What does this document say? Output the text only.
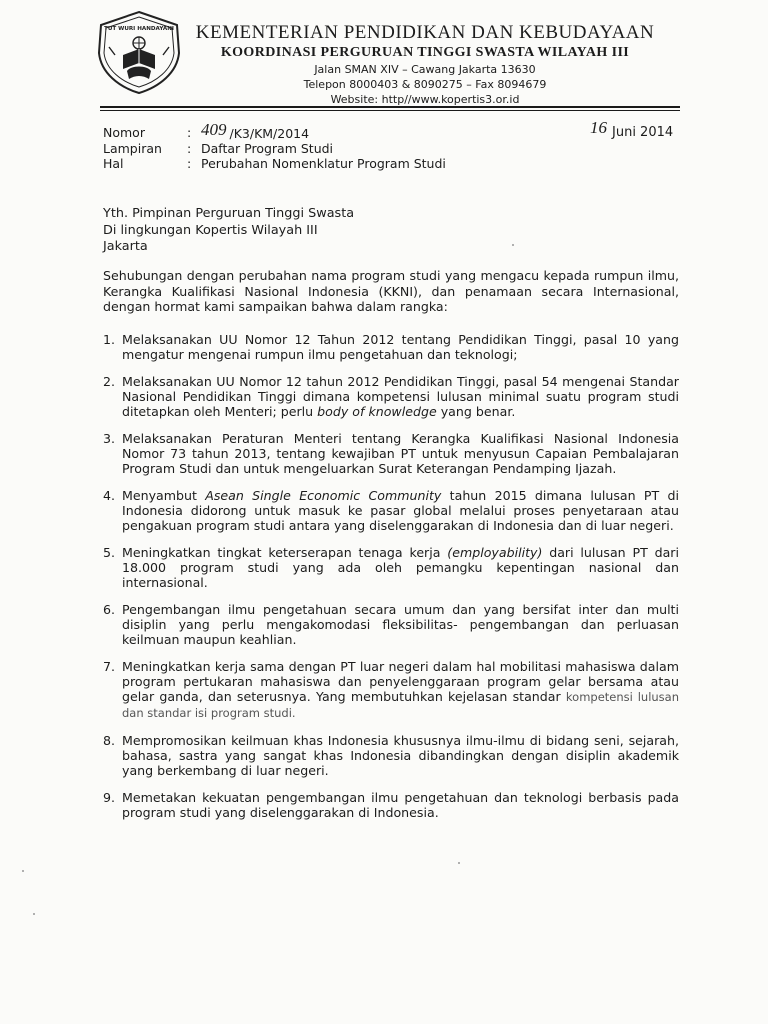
TUT WURI HANDAYANI	KEMENTERIAN PENDIDIKAN DAN KEBUDAYAAN
KOORDINASI PERGURUAN TINGGI SWASTA WILAYAH III
Jalan SMAN XIV – Cawang Jakarta 13630
Telepon 8000403 & 8090275 – Fax 8094679
Website: http//www.kopertis3.or.id
Nomor	: 409 /K3/KM/2014
Lampiran	: Daftar Program Studi
Hal	: Perubahan Nomenklatur Program Studi
16 Juni 2014
Yth. Pimpinan Perguruan Tinggi Swasta
Di lingkungan Kopertis Wilayah III
Jakarta
Sehubungan dengan perubahan nama program studi yang mengacu kepada rumpun ilmu, Kerangka Kualifikasi Nasional Indonesia (KKNI), dan penamaan secara Internasional, dengan hormat kami sampaikan bahwa dalam rangka:
1. Melaksanakan UU Nomor 12 Tahun 2012 tentang Pendidikan Tinggi, pasal 10 yang mengatur mengenai rumpun ilmu pengetahuan dan teknologi;
2. Melaksanakan UU Nomor 12 tahun 2012 Pendidikan Tinggi, pasal 54 mengenai Standar Nasional Pendidikan Tinggi dimana kompetensi lulusan minimal suatu program studi ditetapkan oleh Menteri; perlu body of knowledge yang benar.
3. Melaksanakan Peraturan Menteri tentang Kerangka Kualifikasi Nasional Indonesia Nomor 73 tahun 2013, tentang kewajiban PT untuk menyusun Capaian Pembalajaran Program Studi dan untuk mengeluarkan Surat Keterangan Pendamping Ijazah.
4. Menyambut Asean Single Economic Community tahun 2015 dimana lulusan PT di Indonesia didorong untuk masuk ke pasar global melalui proses penyetaraan atau pengakuan program studi antara yang diselenggarakan di Indonesia dan di luar negeri.
5. Meningkatkan tingkat keterserapan tenaga kerja (employability) dari lulusan PT dari 18.000 program studi yang ada oleh pemangku kepentingan nasional dan internasional.
6. Pengembangan ilmu pengetahuan secara umum dan yang bersifat inter dan multi disiplin yang perlu mengakomodasi fleksibilitas- pengembangan dan perluasan keilmuan maupun keahlian.
7. Meningkatkan kerja sama dengan PT luar negeri dalam hal mobilitasi mahasiswa dalam program pertukaran mahasiswa dan penyelenggaraan program gelar bersama atau gelar ganda, dan seterusnya. Yang membutuhkan kejelasan standar kompetensi lulusan dan standar isi program studi.
8. Mempromosikan keilmuan khas Indonesia khususnya ilmu-ilmu di bidang seni, sejarah, bahasa, sastra yang sangat khas Indonesia dibandingkan dengan disiplin akademik yang berkembang di luar negeri.
9. Memetakan kekuatan pengembangan ilmu pengetahuan dan teknologi berbasis pada program studi yang diselenggarakan di Indonesia.
